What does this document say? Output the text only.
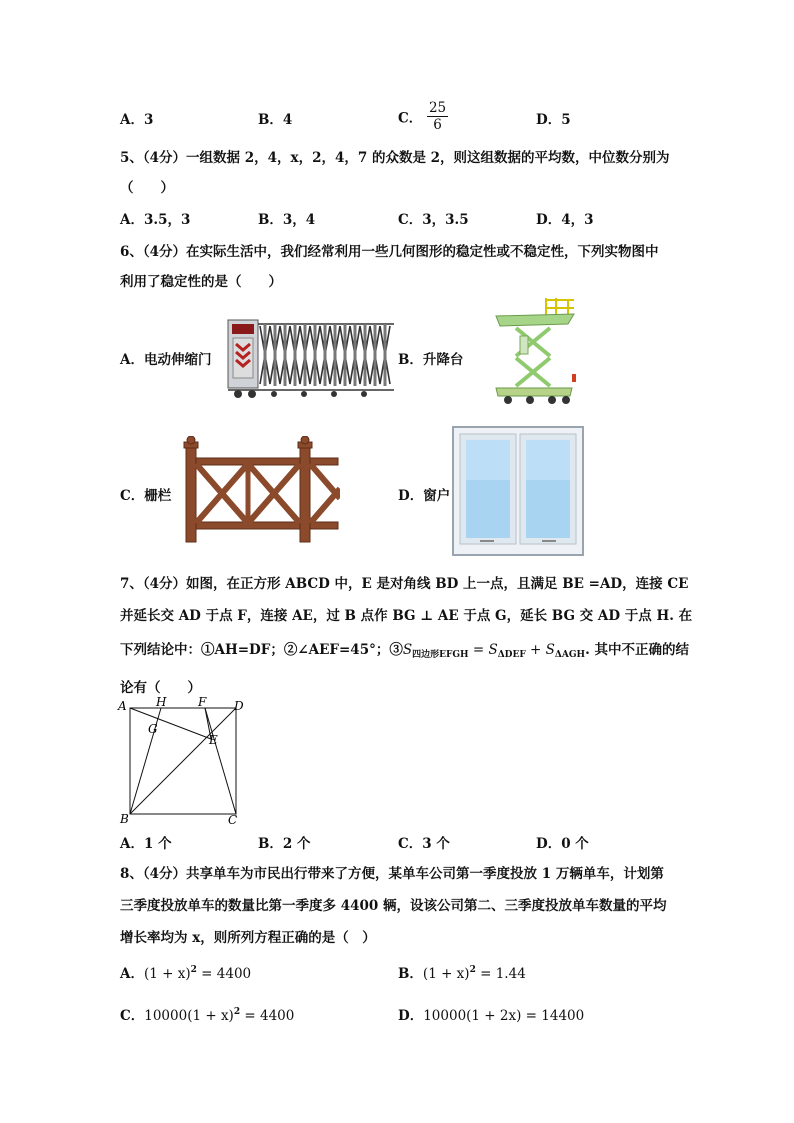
A．3	B．4	C． $\frac{25}{6}$	D．5
5、（4分）一组数据 2，4，x，2，4，7 的众数是 2，则这组数据的平均数，中位数分别为
（　　）
A．3.5，3	B．3，4	C．3，3.5	D．4，3
6、（4分）在实际生活中，我们经常利用一些几何图形的稳定性或不稳定性，下列实物图中
利用了稳定性的是（　　）
A．电动伸缩门	B．升降台
C．栅栏	D．窗户
7、（4分）如图，在正方形 ABCD 中，E 是对角线 BD 上一点，且满足 BE =AD，连接 CE
并延长交 AD 于点 F，连接 AE，过 B 点作 BG ⊥ AE 于点 G，延长 BG 交 AD 于点 H. 在
下列结论中：①AH=DF；②∠AEF=45°；$③S_{四边形EFGH} = S_{\Delta DEF} + S_{\Delta AGH}$. 其中不正确的结
论有（　　）
A H	F D
G
E
B	C
A．1 个	B．2 个	C．3 个	D．0 个
8、（4分）共享单车为市民出行带来了方便，某单车公司第一季度投放 1 万辆单车，计划第
三季度投放单车的数量比第一季度多 4400 辆，设该公司第二、三季度投放单车数量的平均
增长率均为 x，则所列方程正确的是（　）
A．$(1 + x)^2 = 4400$	B．$(1 + x)^2 = 1.44$
C．$10000(1 + x)^2 = 4400$	D．10000(1 + 2x) = 14400
